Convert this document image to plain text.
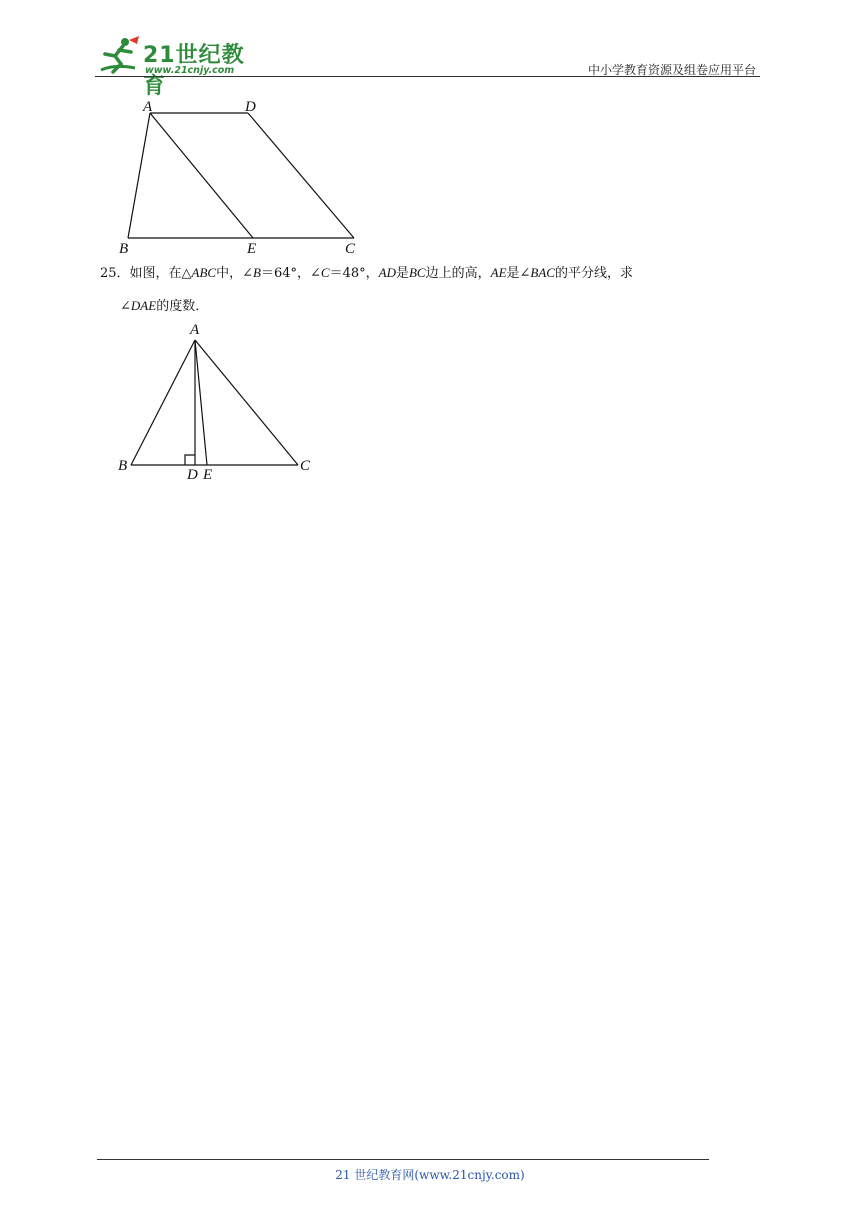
21世纪教育
www.21cnjy.com	中小学教育资源及组卷应用平台
A	D
B	E	C
25．如图，在△ABC中，∠B＝64°，∠C＝48°，AD是BC边上的高，AE是∠BAC的平分线，求
∠DAE的度数．
A
B
D E
C
21 世纪教育网(www.21cnjy.com)
